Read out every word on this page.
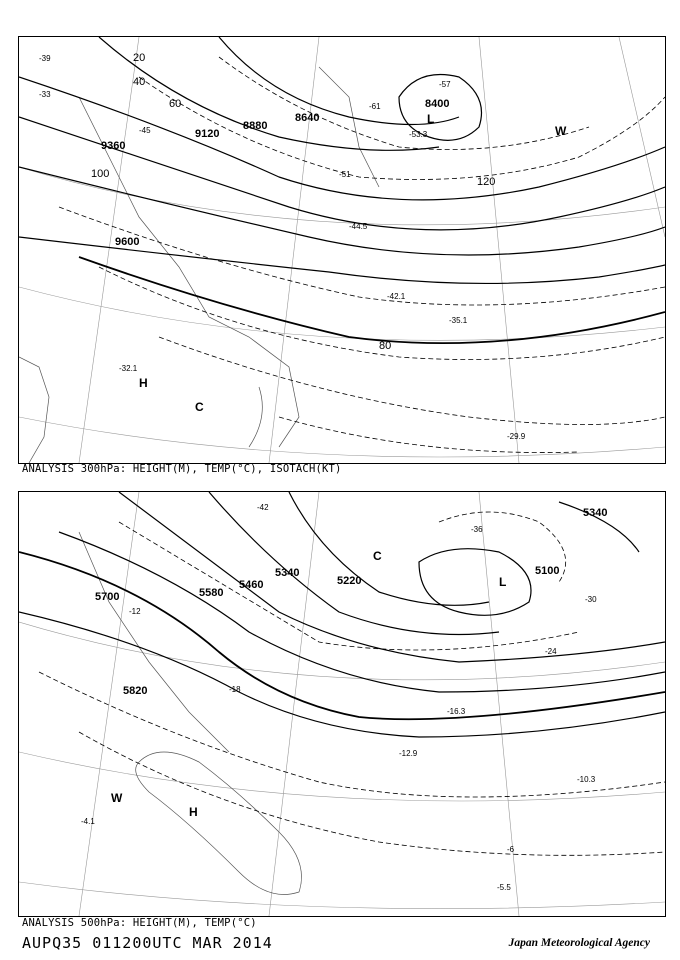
9360
9120
8880
8640
8400
9600
20
40
60
80
100
120
-39
-45
-51
-57
-61
-33
-29.9
-53.3
-44.5
-35.1
-42.1
-32.1
L
H
C
W
ANALYSIS 300hPa: HEIGHT(M), TEMP(°C), ISOTACH(KT)
5700	5580
5460
5340
5220
5100
5820
5340
-42
-36
-30
-24
-18
-12
-6
-12.9
-16.3
-5.5
-10.3
-4.1
L
H
C
W
ANALYSIS 500hPa: HEIGHT(M), TEMP(°C)
AUPQ35 011200UTC MAR 2014	Japan Meteorological Agency
